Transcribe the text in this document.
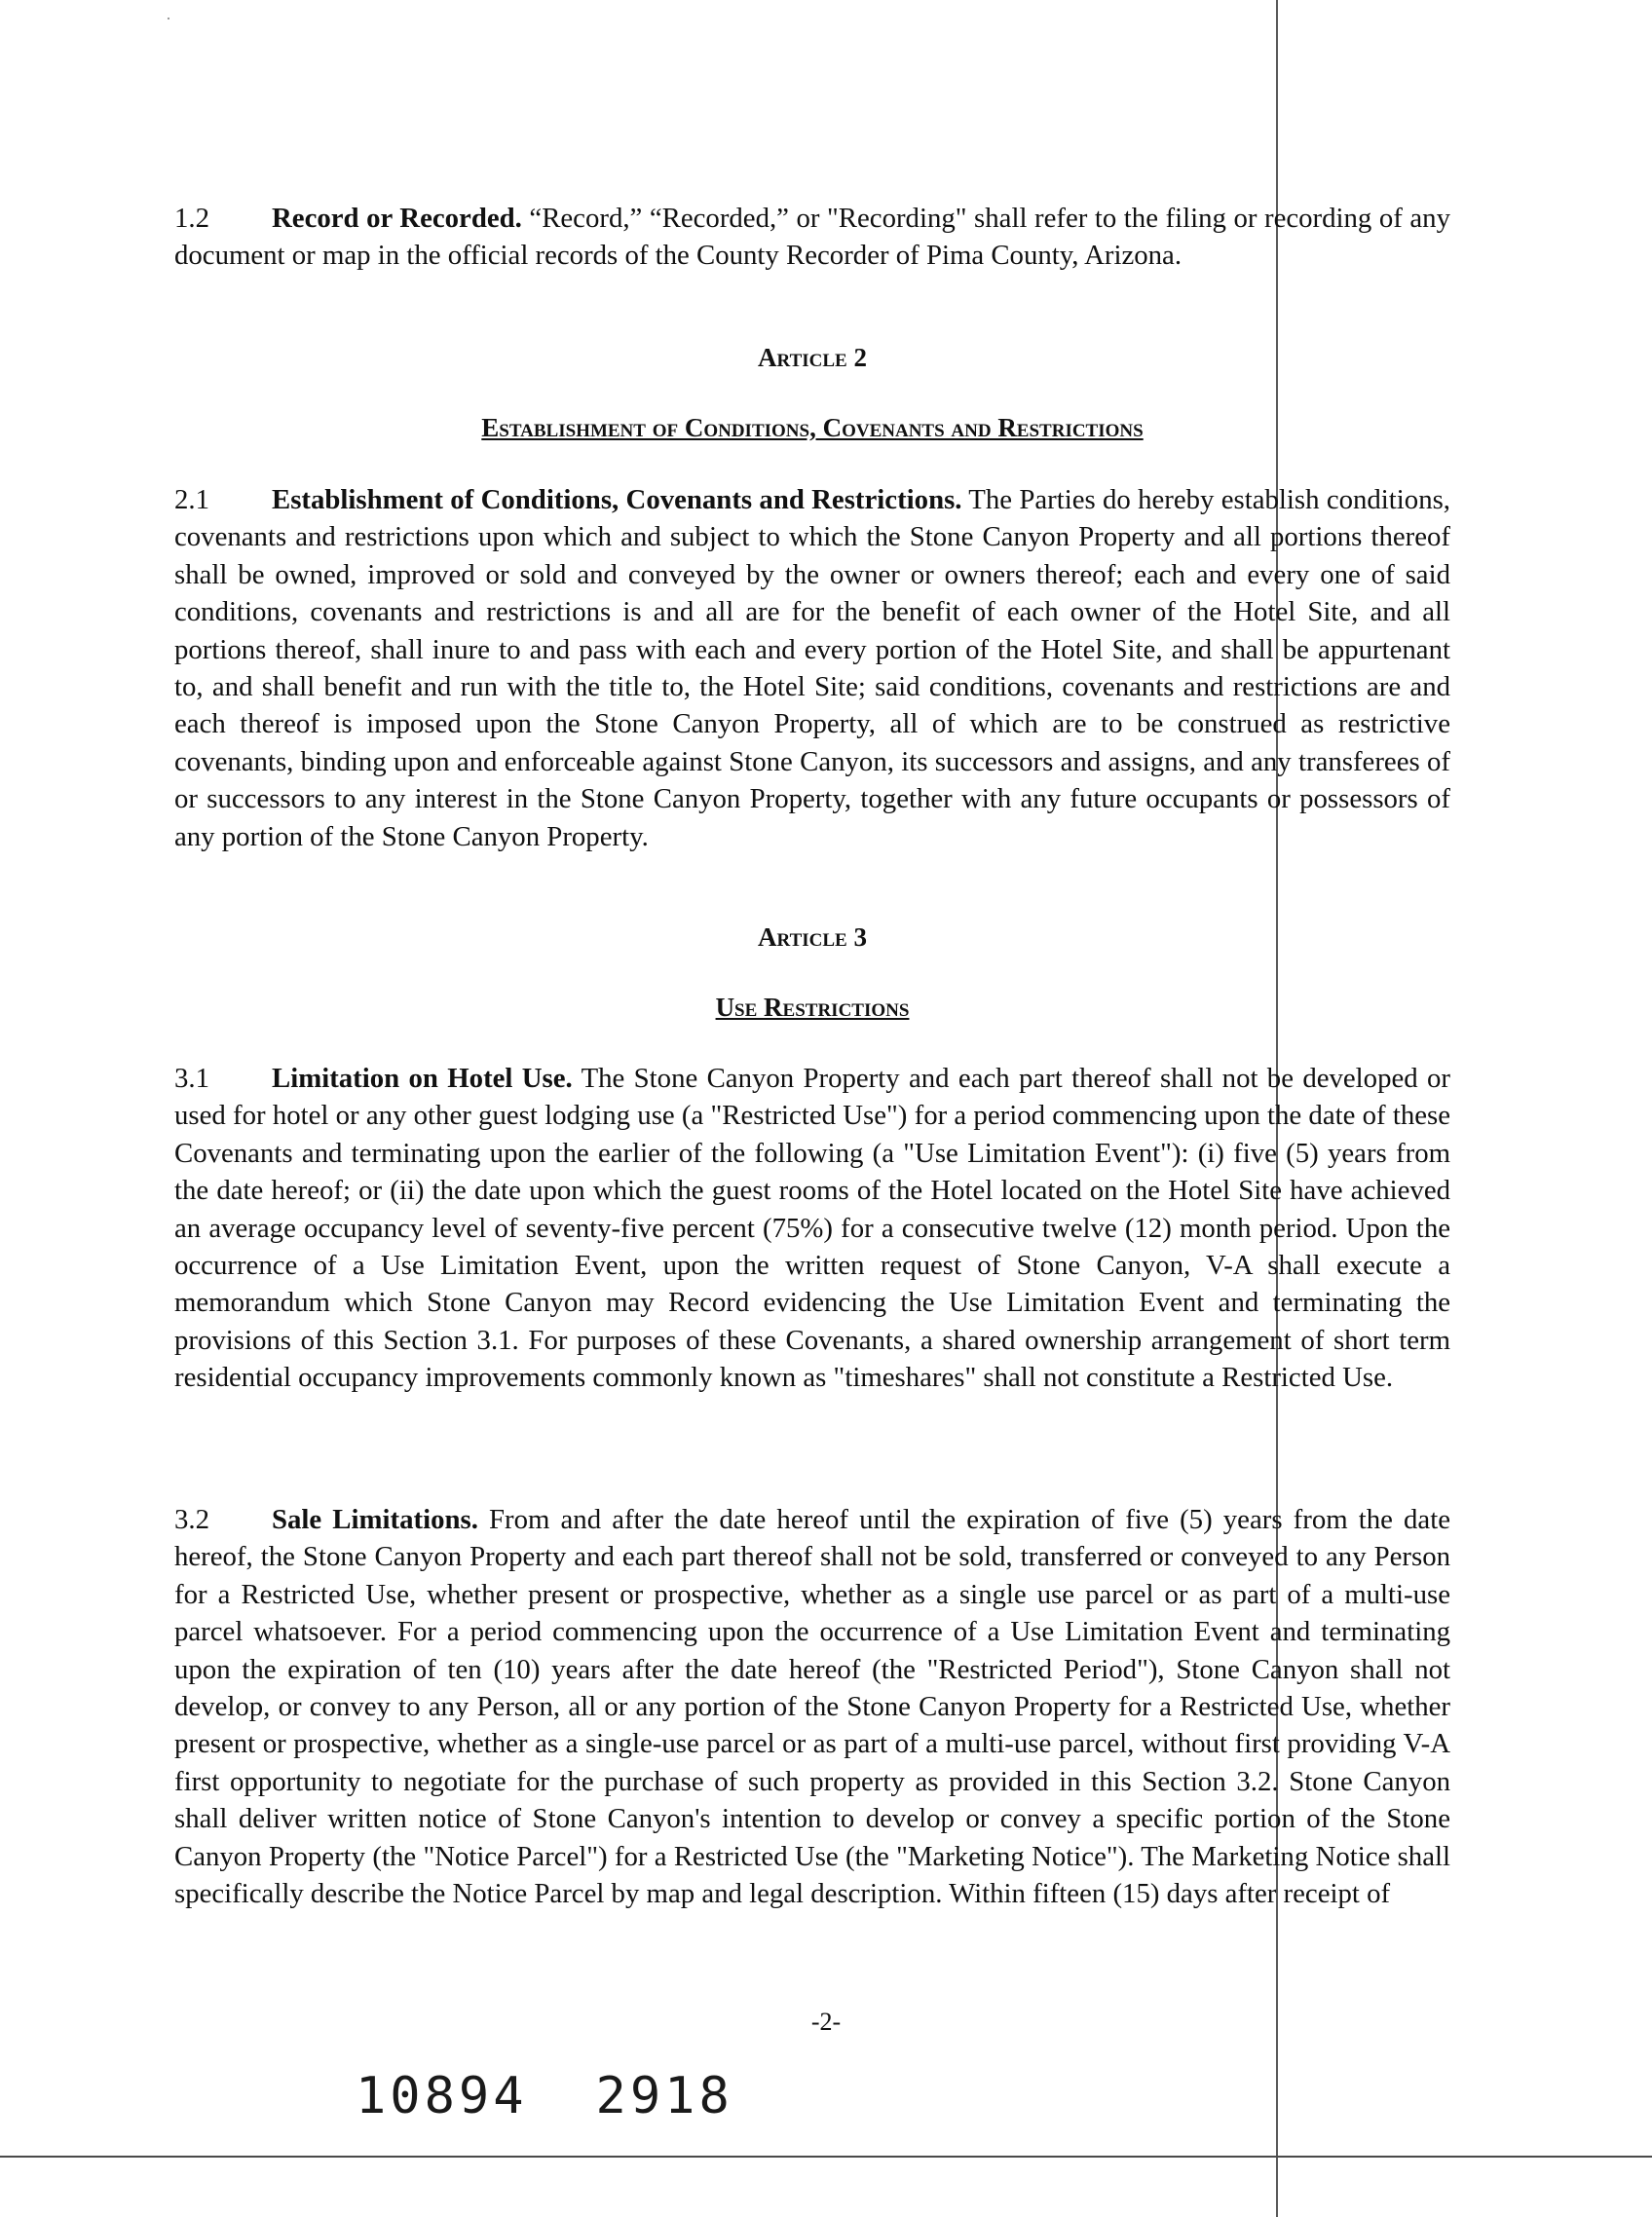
1.2 Record or Recorded. “Record,” “Recorded,” or "Recording" shall refer to the filing or recording of any document or map in the official records of the County Recorder of Pima County, Arizona.

Article 2

Establishment of Conditions, Covenants and Restrictions

2.1 Establishment of Conditions, Covenants and Restrictions. The Parties do hereby establish conditions, covenants and restrictions upon which and subject to which the Stone Canyon Property and all portions thereof shall be owned, improved or sold and conveyed by the owner or owners thereof; each and every one of said conditions, covenants and restrictions is and all are for the benefit of each owner of the Hotel Site, and all portions thereof, shall inure to and pass with each and every portion of the Hotel Site, and shall be appurtenant to, and shall benefit and run with the title to, the Hotel Site; said conditions, covenants and restrictions are and each thereof is imposed upon the Stone Canyon Property, all of which are to be construed as restrictive covenants, binding upon and enforceable against Stone Canyon, its successors and assigns, and any transferees of or successors to any interest in the Stone Canyon Property, together with any future occupants or possessors of any portion of the Stone Canyon Property.

Article 3

Use Restrictions

3.1 Limitation on Hotel Use. The Stone Canyon Property and each part thereof shall not be developed or used for hotel or any other guest lodging use (a "Restricted Use") for a period commencing upon the date of these Covenants and terminating upon the earlier of the following (a "Use Limitation Event"): (i) five (5) years from the date hereof; or (ii) the date upon which the guest rooms of the Hotel located on the Hotel Site have achieved an average occupancy level of seventy-five percent (75%) for a consecutive twelve (12) month period. Upon the occurrence of a Use Limitation Event, upon the written request of Stone Canyon, V-A shall execute a memorandum which Stone Canyon may Record evidencing the Use Limitation Event and terminating the provisions of this Section 3.1. For purposes of these Covenants, a shared ownership arrangement of short term residential occupancy improvements commonly known as "timeshares" shall not constitute a Restricted Use.

3.2 Sale Limitations. From and after the date hereof until the expiration of five (5) years from the date hereof, the Stone Canyon Property and each part thereof shall not be sold, transferred or conveyed to any Person for a Restricted Use, whether present or prospective, whether as a single use parcel or as part of a multi-use parcel whatsoever. For a period commencing upon the occurrence of a Use Limitation Event and terminating upon the expiration of ten (10) years after the date hereof (the "Restricted Period"), Stone Canyon shall not develop, or convey to any Person, all or any portion of the Stone Canyon Property for a Restricted Use, whether present or prospective, whether as a single-use parcel or as part of a multi-use parcel, without first providing V-A first opportunity to negotiate for the purchase of such property as provided in this Section 3.2. Stone Canyon shall deliver written notice of Stone Canyon's intention to develop or convey a specific portion of the Stone Canyon Property (the "Notice Parcel") for a Restricted Use (the "Marketing Notice"). The Marketing Notice shall specifically describe the Notice Parcel by map and legal description. Within fifteen (15) days after receipt of

-2-
10894 2918
